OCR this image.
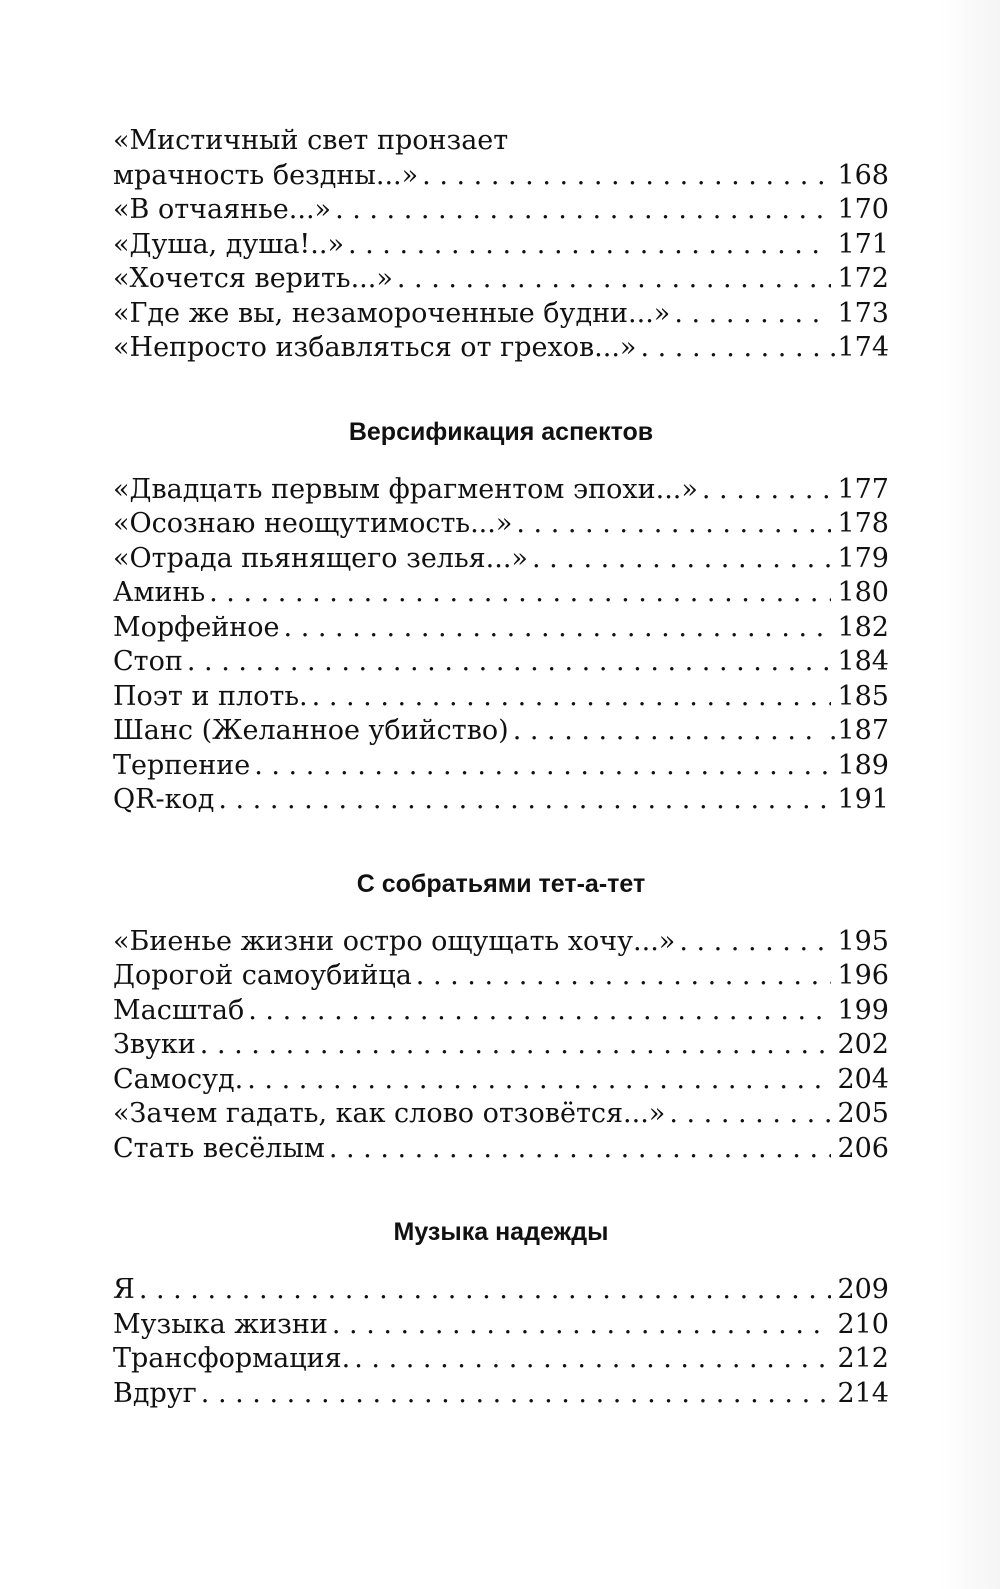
«Мистичный свет пронзает
мрачность бездны...» . . .	168
«В отчаянье...» . . .	170
«Душа, душа!..» . . .	171
«Хочется верить...» . . .	172
«Где же вы, незамороченные будни...» . . .	173
«Непросто избавляться от грехов...» . . .	.174
Версификация аспектов
«Двадцать первым фрагментом эпохи...» . . .	177
«Осознаю неощутимость...» . . .	178
«Отрада пьянящего зелья...» . . .	179
Аминь . . .	180
Морфейное . . .	182
Стоп . . .	184
Поэт и плоть. . . .	185
Шанс (Желанное убийство) . . .	.187
Терпение . . .	189
QR-код . . .	191
С собратьями тет-а-тет
«Биенье жизни остро ощущать хочу...» . . .	195
Дорогой самоубийца . . .	196
Масштаб . . .	199
Звуки . . .	202
Самосуд. . . .	204
«Зачем гадать, как слово отзовётся...» . . .	205
Стать весёлым . . .	206
Музыка надежды
Я . . .	209
Музыка жизни . . .	210
Трансформация. . . .	212
Вдруг . . .	214
